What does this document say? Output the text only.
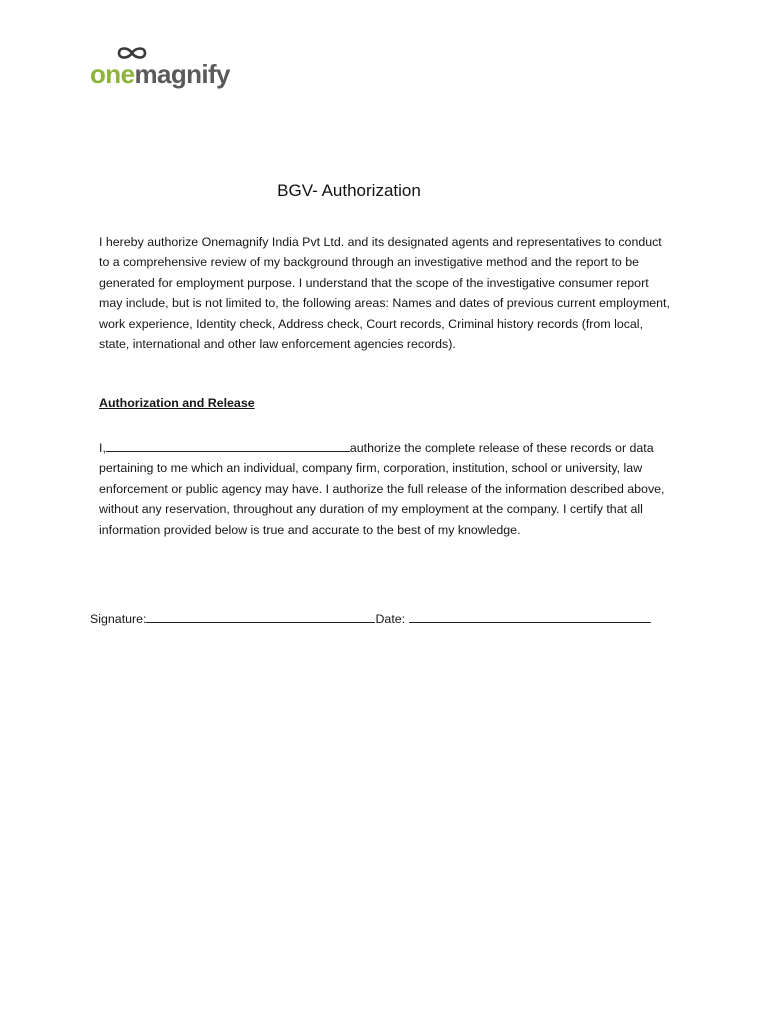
onemagnify
BGV- Authorization
I hereby authorize Onemagnify India Pvt Ltd. and its designated agents and representatives to conduct to a comprehensive review of my background through an investigative method and the report to be generated for employment purpose. I understand that the scope of the investigative consumer report may include, but is not limited to, the following areas: Names and dates of previous current employment, work experience, Identity check, Address check, Court records, Criminal history records (from local, state, international and other law enforcement agencies records).
Authorization and Release
I,	authorize the complete release of these records or data pertaining to me which an individual, company firm, corporation, institution, school or university, law enforcement or public agency may have. I authorize the full release of the information described above, without any reservation, throughout any duration of my employment at the company. I certify that all information provided below is true and accurate to the best of my knowledge.
Signature:	Date:
